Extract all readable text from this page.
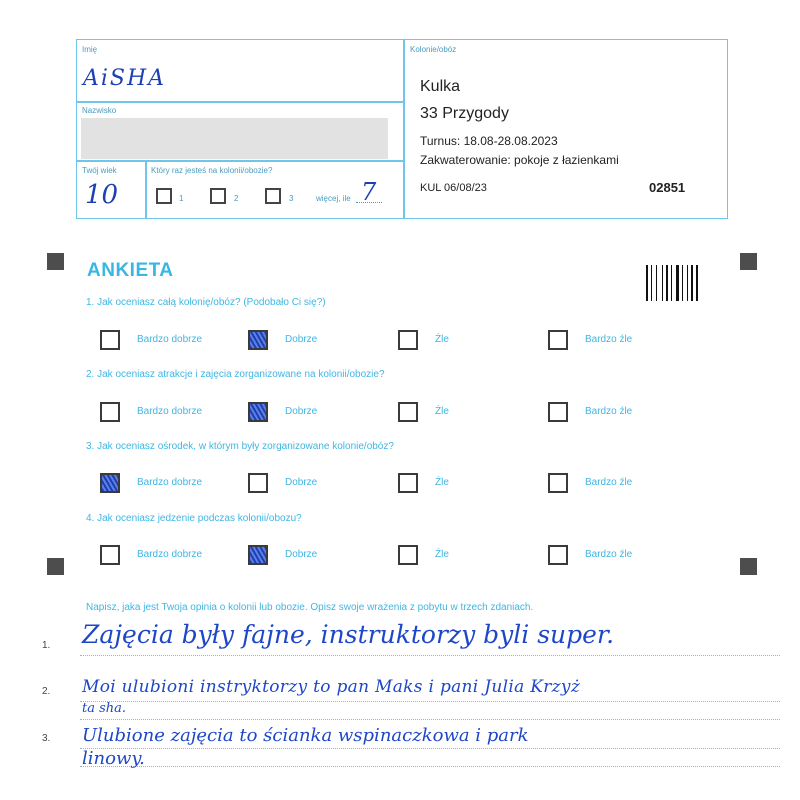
Imię
AiSHA
Nazwisko
Twój wiek
10
Który raz jesteś na kolonii/obozie?
1	2	3	więcej, ile 7
Kolonie/obóz
Kulka
33 Przygody
Turnus: 18.08-28.08.2023
Zakwaterowanie: pokoje z łazienkami
KUL 06/08/23	02851
ANKIETA
1. Jak oceniasz całą kolonię/obóz? (Podobało Ci się?)
Bardzo dobrze	Dobrze	Źle	Bardzo źle
2. Jak oceniasz atrakcje i zajęcia zorganizowane na kolonii/obozie?
Bardzo dobrze	Dobrze	Źle	Bardzo źle
3. Jak oceniasz ośrodek, w którym były zorganizowane kolonie/obóz?
Bardzo dobrze	Dobrze	Źle	Bardzo źle
4. Jak oceniasz jedzenie podczas kolonii/obozu?
Bardzo dobrze	Dobrze	Źle	Bardzo źle
Napisz, jaka jest Twoja opinia o kolonii lub obozie. Opisz swoje wrażenia z pobytu w trzech zdaniach.
1.
2.
3.
Zajęcia były fajne, instruktorzy byli super.
Moi ulubioni instryktorzy to pan Maks i pani Julia Krzyż
ta sha.
Ulubione zajęcia to ścianka wspinaczkowa i park
linowy.
